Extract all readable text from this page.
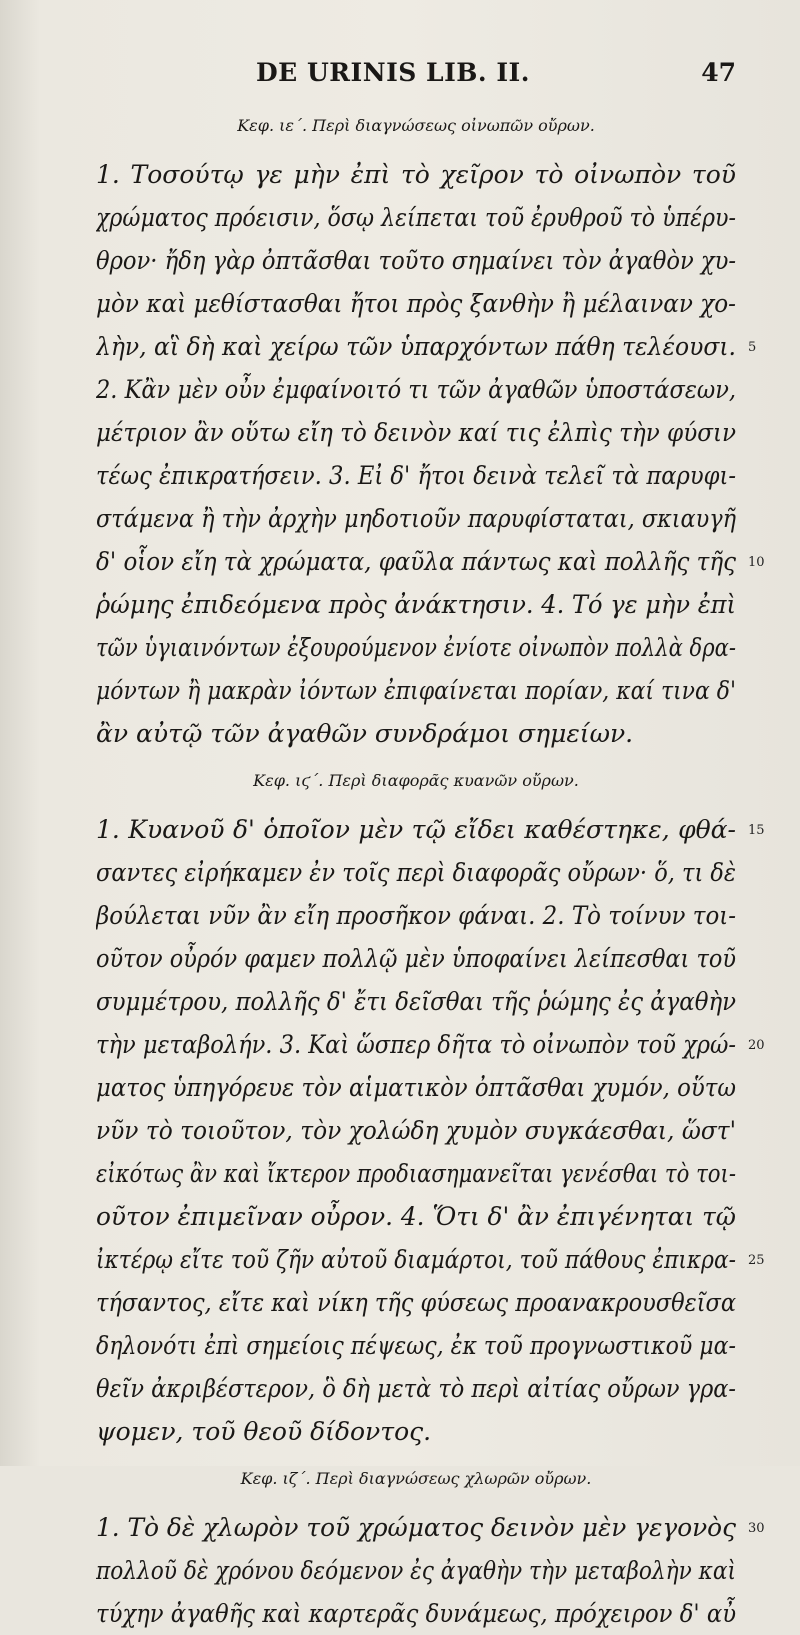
DE URINIS LIB. II.	47
Κεφ. ιε΄. Περὶ διαγνώσεως οἰνωπῶν οὔρων.
1. Τοσούτῳ γε μὴν ἐπὶ τὸ χεῖρον τὸ οἰνωπὸν τοῦ
χρώματος πρόεισιν, ὅσῳ λείπεται τοῦ ἐρυθροῦ τὸ ὑπέρυ-
θρον· ἤδη γὰρ ὀπτᾶσθαι τοῦτο σημαίνει τὸν ἀγαθὸν χυ-
μὸν καὶ μεθίστασθαι ἤτοι πρὸς ξανθὴν ἢ μέλαιναν χο-
λὴν, αἳ δὴ καὶ χείρω τῶν ὑπαρχόντων πάθη τελέουσι.
2. Κἂν μὲν οὖν ἐμφαίνοιτό τι τῶν ἀγαθῶν ὑποστάσεων,
μέτριον ἂν οὕτω εἴη τὸ δεινὸν καί τις ἐλπὶς τὴν φύσιν
τέως ἐπικρατήσειν. 3. Εἰ δ' ἤτοι δεινὰ τελεῖ τὰ παρυφι-
στάμενα ἢ τὴν ἀρχὴν μηδοτιοῦν παρυφίσταται, σκιαυγῆ
δ' οἷον εἴη τὰ χρώματα, φαῦλα πάντως καὶ πολλῆς τῆς
ῥώμης ἐπιδεόμενα πρὸς ἀνάκτησιν. 4. Τό γε μὴν ἐπὶ
τῶν ὑγιαινόντων ἐξουρούμενον ἐνίοτε οἰνωπὸν πολλὰ δρα-
μόντων ἢ μακρὰν ἰόντων ἐπιφαίνεται πορίαν, καί τινα δ'
ἂν αὐτῷ τῶν ἀγαθῶν συνδράμοι σημείων.
Κεφ. ιϛ΄. Περὶ διαφορᾶς κυανῶν οὔρων.
1. Κυανοῦ δ' ὁποῖον μὲν τῷ εἴδει καθέστηκε, φθά-
σαντες εἰρήκαμεν ἐν τοῖς περὶ διαφορᾶς οὔρων· ὅ, τι δὲ
βούλεται νῦν ἂν εἴη προσῆκον φάναι. 2. Τὸ τοίνυν τοι-
οῦτον οὖρόν φαμεν πολλῷ μὲν ὑποφαίνει λείπεσθαι τοῦ
συμμέτρου, πολλῆς δ' ἔτι δεῖσθαι τῆς ῥώμης ἐς ἀγαθὴν
τὴν μεταβολήν. 3. Καὶ ὥσπερ δῆτα τὸ οἰνωπὸν τοῦ χρώ-
ματος ὑπηγόρευε τὸν αἱματικὸν ὀπτᾶσθαι χυμόν, οὕτω
νῦν τὸ τοιοῦτον, τὸν χολώδη χυμὸν συγκάεσθαι, ὥστ'
εἰκότως ἂν καὶ ἴκτερον προδιασημανεῖται γενέσθαι τὸ τοι-
οῦτον ἐπιμεῖναν οὖρον. 4. Ὅτι δ' ἂν ἐπιγένηται τῷ
ἰκτέρῳ εἴτε τοῦ ζῆν αὐτοῦ διαμάρτοι, τοῦ πάθους ἐπικρα-
τήσαντος, εἴτε καὶ νίκη τῆς φύσεως προανακρουσθεῖσα
δηλονότι ἐπὶ σημείοις πέψεως, ἐκ τοῦ προγνωστικοῦ μα-
θεῖν ἀκριβέστερον, ὃ δὴ μετὰ τὸ περὶ αἰτίας οὔρων γρα-
ψομεν, τοῦ θεοῦ δίδοντος.
Κεφ. ιζ΄. Περὶ διαγνώσεως χλωρῶν οὔρων.
1. Τὸ δὲ χλωρὸν τοῦ χρώματος δεινὸν μὲν γεγονὸς
πολλοῦ δὲ χρόνου δεόμενον ἐς ἀγαθὴν τὴν μεταβολὴν καὶ
τύχην ἀγαθῆς καὶ καρτερᾶς δυνάμεως, πρόχειρον δ' αὖ
5
10
15
20
25
30
